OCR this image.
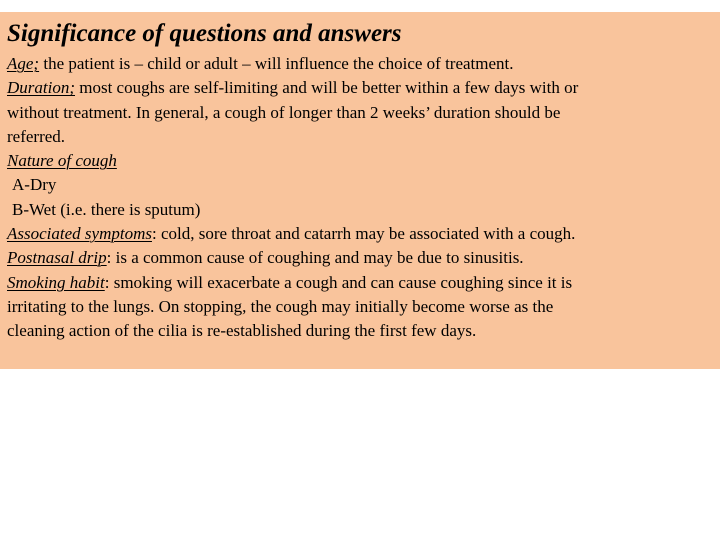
Significance of questions and answers
Age; the patient is – child or adult – will influence the choice of treatment.
Duration; most coughs are self-limiting and will be better within a few days with or
without treatment. In general, a cough of longer than 2 weeks’ duration should be
referred.
Nature of cough
A-Dry
B-Wet (i.e. there is sputum)
Associated symptoms: cold, sore throat and catarrh may be associated with a cough.
Postnasal drip: is a common cause of coughing and may be due to sinusitis.
Smoking habit: smoking will exacerbate a cough and can cause coughing since it is
irritating to the lungs. On stopping, the cough may initially become worse as the
cleaning action of the cilia is re-established during the first few days.
